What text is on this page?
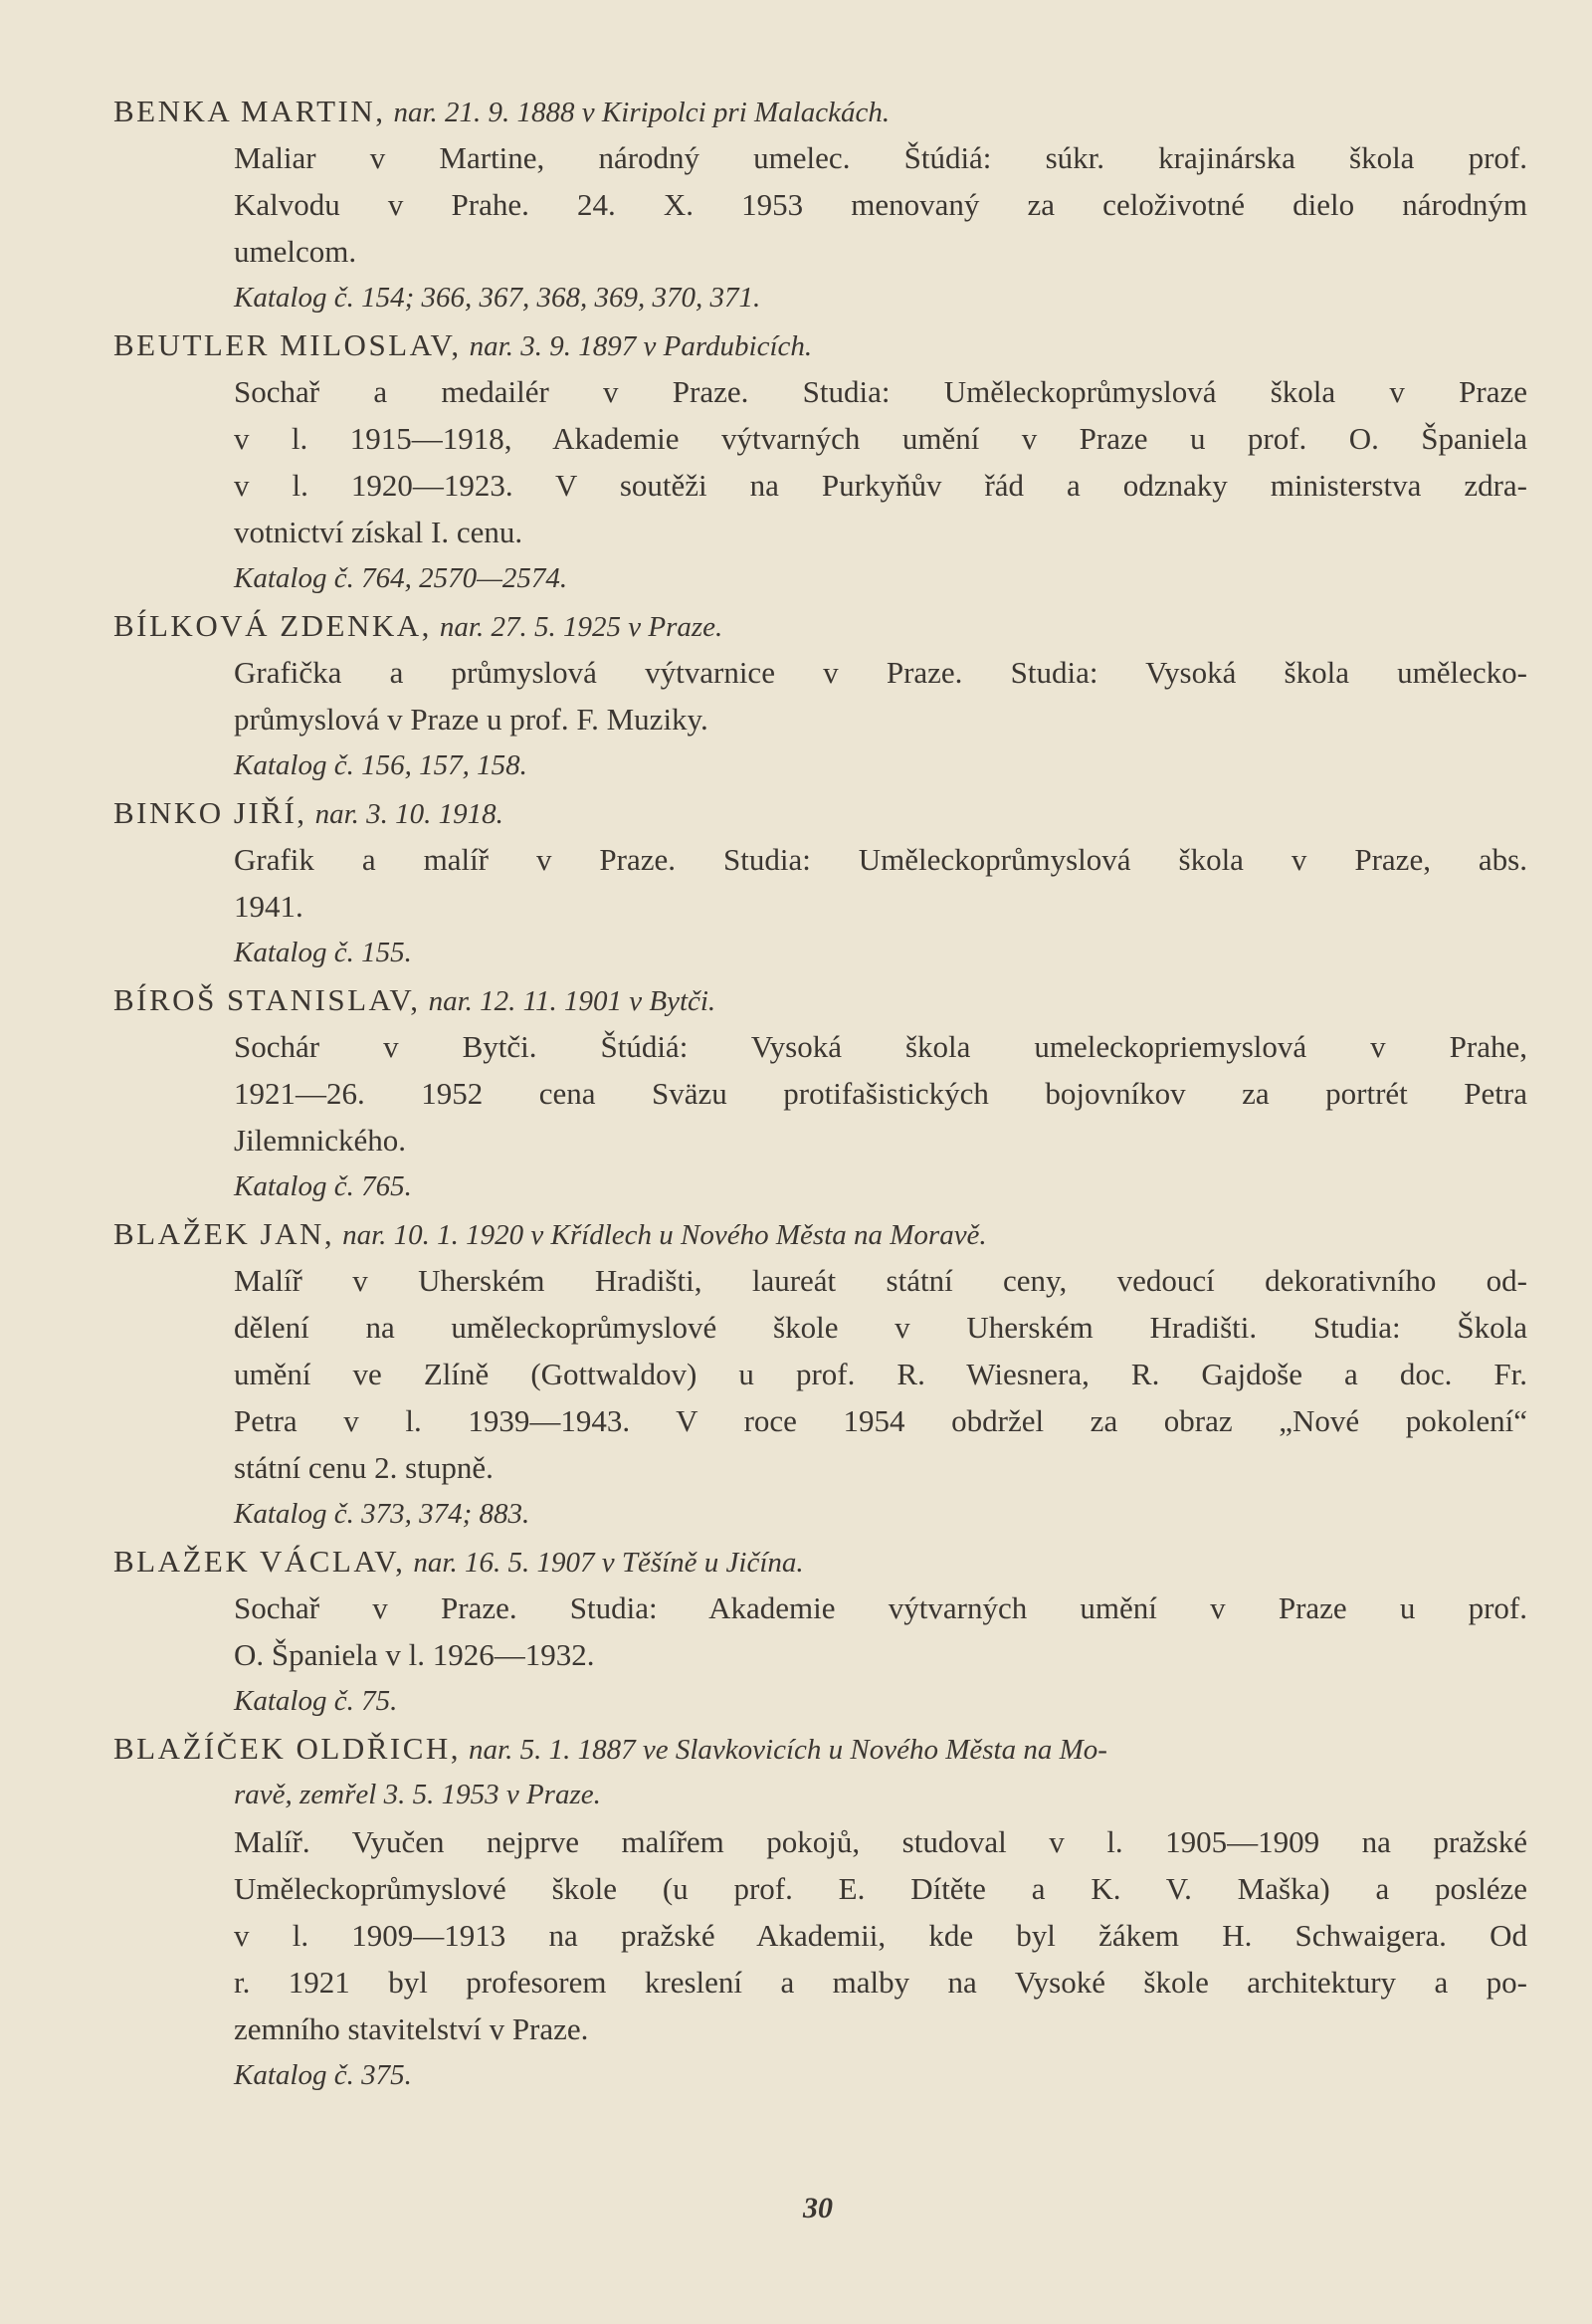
BENKA MARTIN, nar. 21. 9. 1888 v Kiripolci pri Malackách.
Maliar v Martine, národný umelec. Štúdiá: súkr. krajinárska škola prof.
Kalvodu v Prahe. 24. X. 1953 menovaný za celoživotné dielo národným
umelcom.
Katalog č. 154; 366, 367, 368, 369, 370, 371.
BEUTLER MILOSLAV, nar. 3. 9. 1897 v Pardubicích.
Sochař a medailér v Praze. Studia: Uměleckoprůmyslová škola v Praze
v l. 1915—1918, Akademie výtvarných umění v Praze u prof. O. Španiela
v l. 1920—1923. V soutěži na Purkyňův řád a odznaky ministerstva zdra-
votnictví získal I. cenu.
Katalog č. 764, 2570—2574.
BÍLKOVÁ ZDENKA, nar. 27. 5. 1925 v Praze.
Grafička a průmyslová výtvarnice v Praze. Studia: Vysoká škola umělecko-
průmyslová v Praze u prof. F. Muziky.
Katalog č. 156, 157, 158.
BINKO JIŘÍ, nar. 3. 10. 1918.
Grafik a malíř v Praze. Studia: Uměleckoprůmyslová škola v Praze, abs.
1941.
Katalog č. 155.
BÍROŠ STANISLAV, nar. 12. 11. 1901 v Bytči.
Sochár v Bytči. Štúdiá: Vysoká škola umeleckopriemyslová v Prahe,
1921—26. 1952 cena Sväzu protifašistických bojovníkov za portrét Petra
Jilemnického.
Katalog č. 765.
BLAŽEK JAN, nar. 10. 1. 1920 v Křídlech u Nového Města na Moravě.
Malíř v Uherském Hradišti, laureát státní ceny, vedoucí dekorativního od-
dělení na uměleckoprůmyslové škole v Uherském Hradišti. Studia: Škola
umění ve Zlíně (Gottwaldov) u prof. R. Wiesnera, R. Gajdoše a doc. Fr.
Petra v l. 1939—1943. V roce 1954 obdržel za obraz „Nové pokolení“
státní cenu 2. stupně.
Katalog č. 373, 374; 883.
BLAŽEK VÁCLAV, nar. 16. 5. 1907 v Těšíně u Jičína.
Sochař v Praze. Studia: Akademie výtvarných umění v Praze u prof.
O. Španiela v l. 1926—1932.
Katalog č. 75.
BLAŽÍČEK OLDŘICH, nar. 5. 1. 1887 ve Slavkovicích u Nového Města na Mo-
ravě, zemřel 3. 5. 1953 v Praze.
Malíř. Vyučen nejprve malířem pokojů, studoval v l. 1905—1909 na pražské
Uměleckoprůmyslové škole (u prof. E. Dítěte a K. V. Maška) a posléze
v l. 1909—1913 na pražské Akademii, kde byl žákem H. Schwaigera. Od
r. 1921 byl profesorem kreslení a malby na Vysoké škole architektury a po-
zemního stavitelství v Praze.
Katalog č. 375.
30
